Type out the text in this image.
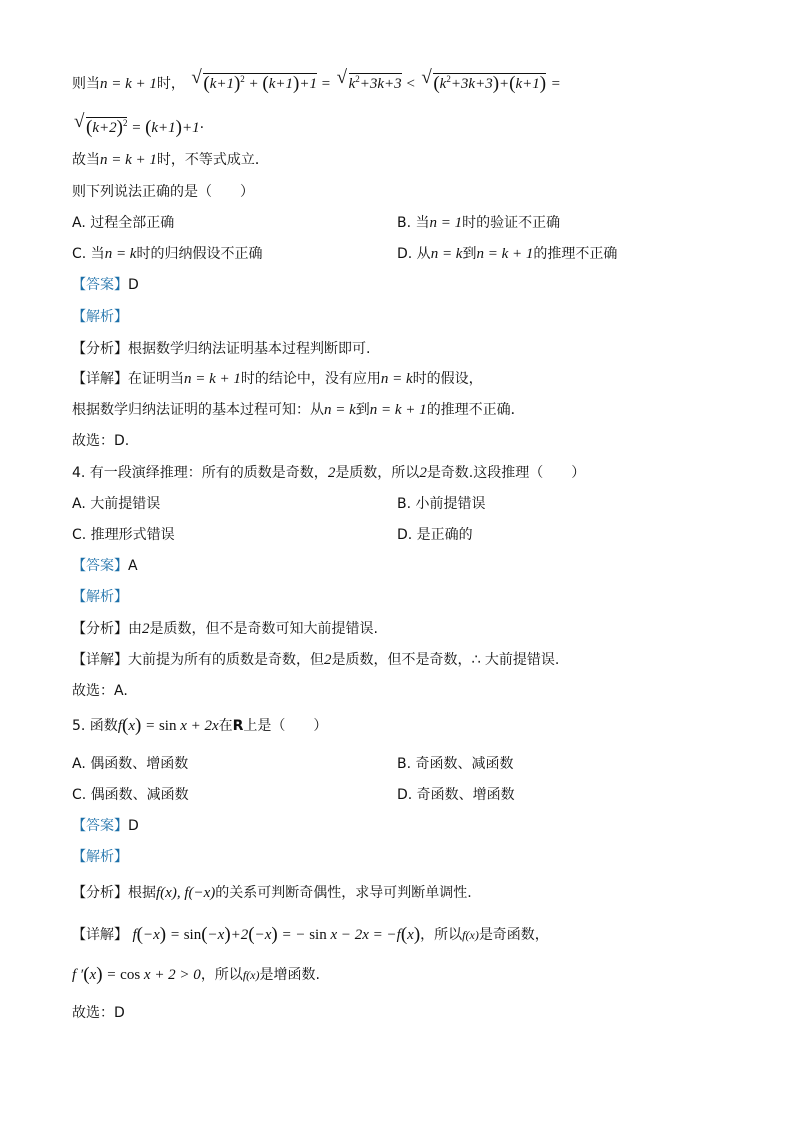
则当n = k + 1时， √ $(k+1)^2 + (k+1)+1$ = √ $k^2+3k+3$ < √ $(k^2+3k+3)+(k+1)$ =
√ $(k+2)^2 = (k+1)+1\cdot$
故当n = k + 1时，不等式成立．
则下列说法正确的是（　　）
A. 过程全部正确	B. 当n = 1时的验证不正确
C. 当n = k时的归纳假设不正确	D. 从n = k到n = k + 1的推理不正确
【答案】D
【解析】
【分析】根据数学归纳法证明基本过程判断即可.
【详解】在证明当n = k + 1时的结论中，没有应用n = k时的假设，
根据数学归纳法证明的基本过程可知：从n = k到n = k + 1的推理不正确．
故选：D.
4. 有一段演绎推理：所有的质数是奇数，2是质数，所以2是奇数.这段推理（　　）
A. 大前提错误	B. 小前提错误
C. 推理形式错误	D. 是正确的
【答案】A
【解析】
【分析】由2是质数，但不是奇数可知大前提错误.
【详解】大前提为所有的质数是奇数，但2是质数，但不是奇数，∴ 大前提错误.
故选：A.
5. 函数f(x) = sin x + 2x在R上是（　　）
A. 偶函数、增函数	B. 奇函数、减函数
C. 偶函数、减函数	D. 奇函数、增函数
【答案】D
【解析】
【分析】根据f(x), f(−x)的关系可判断奇偶性，求导可判断单调性.
【详解】 f(−x) = sin(−x)+2(−x) = − sin x − 2x = −f(x)，所以f(x)是奇函数，
f ′(x) = cos x + 2 > 0，所以f(x)是增函数.
故选：D
